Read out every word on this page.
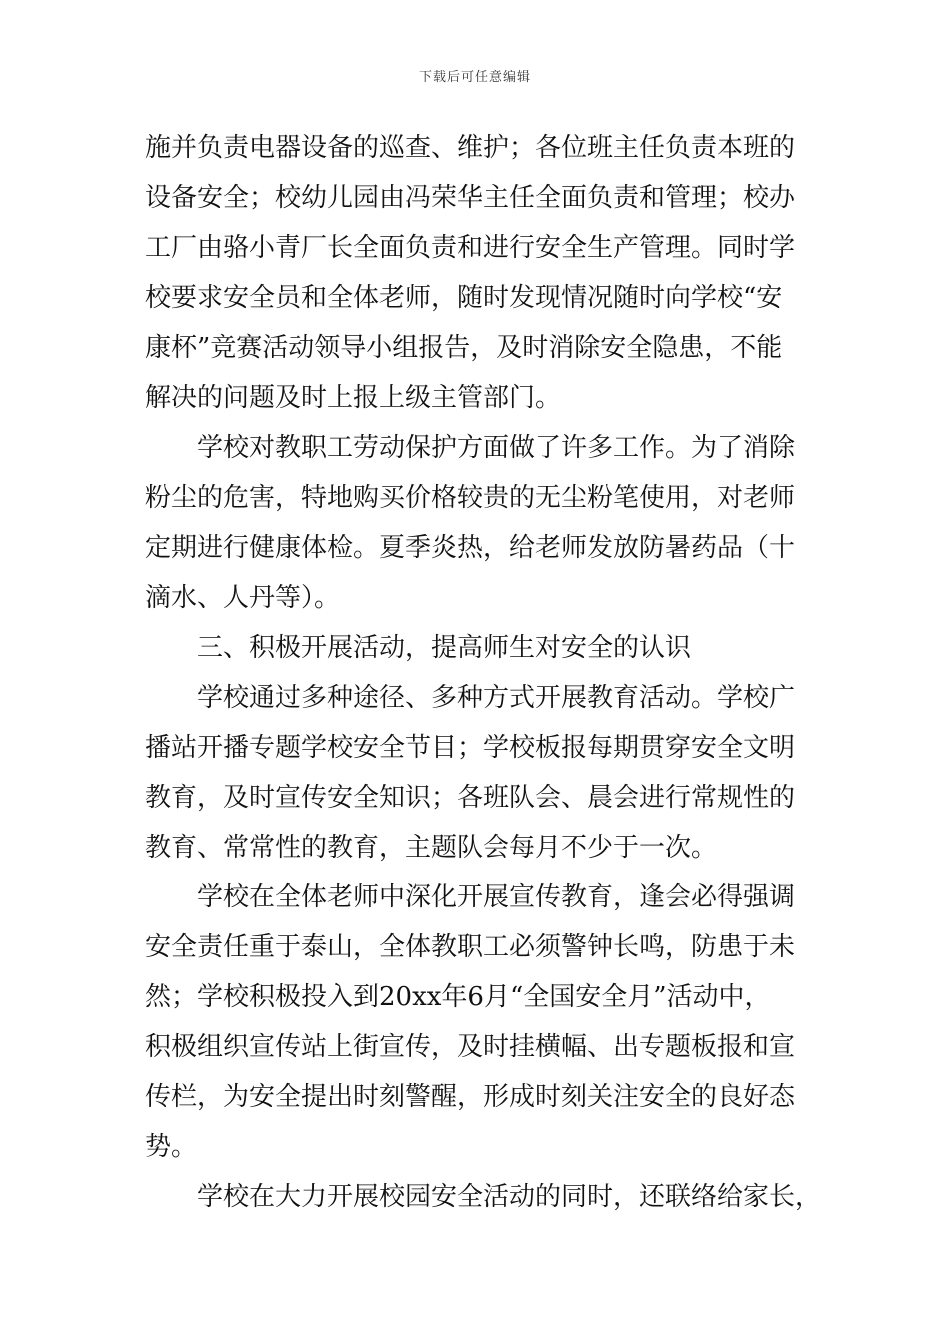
下载后可任意编辑
施并负责电器设备的巡查、维护；各位班主任负责本班的
设备安全；校幼儿园由冯荣华主任全面负责和管理；校办
工厂由骆小青厂长全面负责和进行安全生产管理。同时学
校要求安全员和全体老师，随时发现情况随时向学校“安
康杯”竞赛活动领导小组报告，及时消除安全隐患，不能
解决的问题及时上报上级主管部门。
学校对教职工劳动保护方面做了许多工作。为了消除
粉尘的危害，特地购买价格较贵的无尘粉笔使用，对老师
定期进行健康体检。夏季炎热，给老师发放防暑药品（十
滴水、人丹等）。
三、积极开展活动，提高师生对安全的认识
学校通过多种途径、多种方式开展教育活动。学校广
播站开播专题学校安全节目；学校板报每期贯穿安全文明
教育，及时宣传安全知识；各班队会、晨会进行常规性的
教育、常常性的教育，主题队会每月不少于一次。
学校在全体老师中深化开展宣传教育，逢会必得强调
安全责任重于泰山，全体教职工必须警钟长鸣，防患于未
然；学校积极投入到20xx年6月“全国安全月”活动中，
积极组织宣传站上街宣传，及时挂横幅、出专题板报和宣
传栏，为安全提出时刻警醒，形成时刻关注安全的良好态
势。
学校在大力开展校园安全活动的同时，还联络给家长，
